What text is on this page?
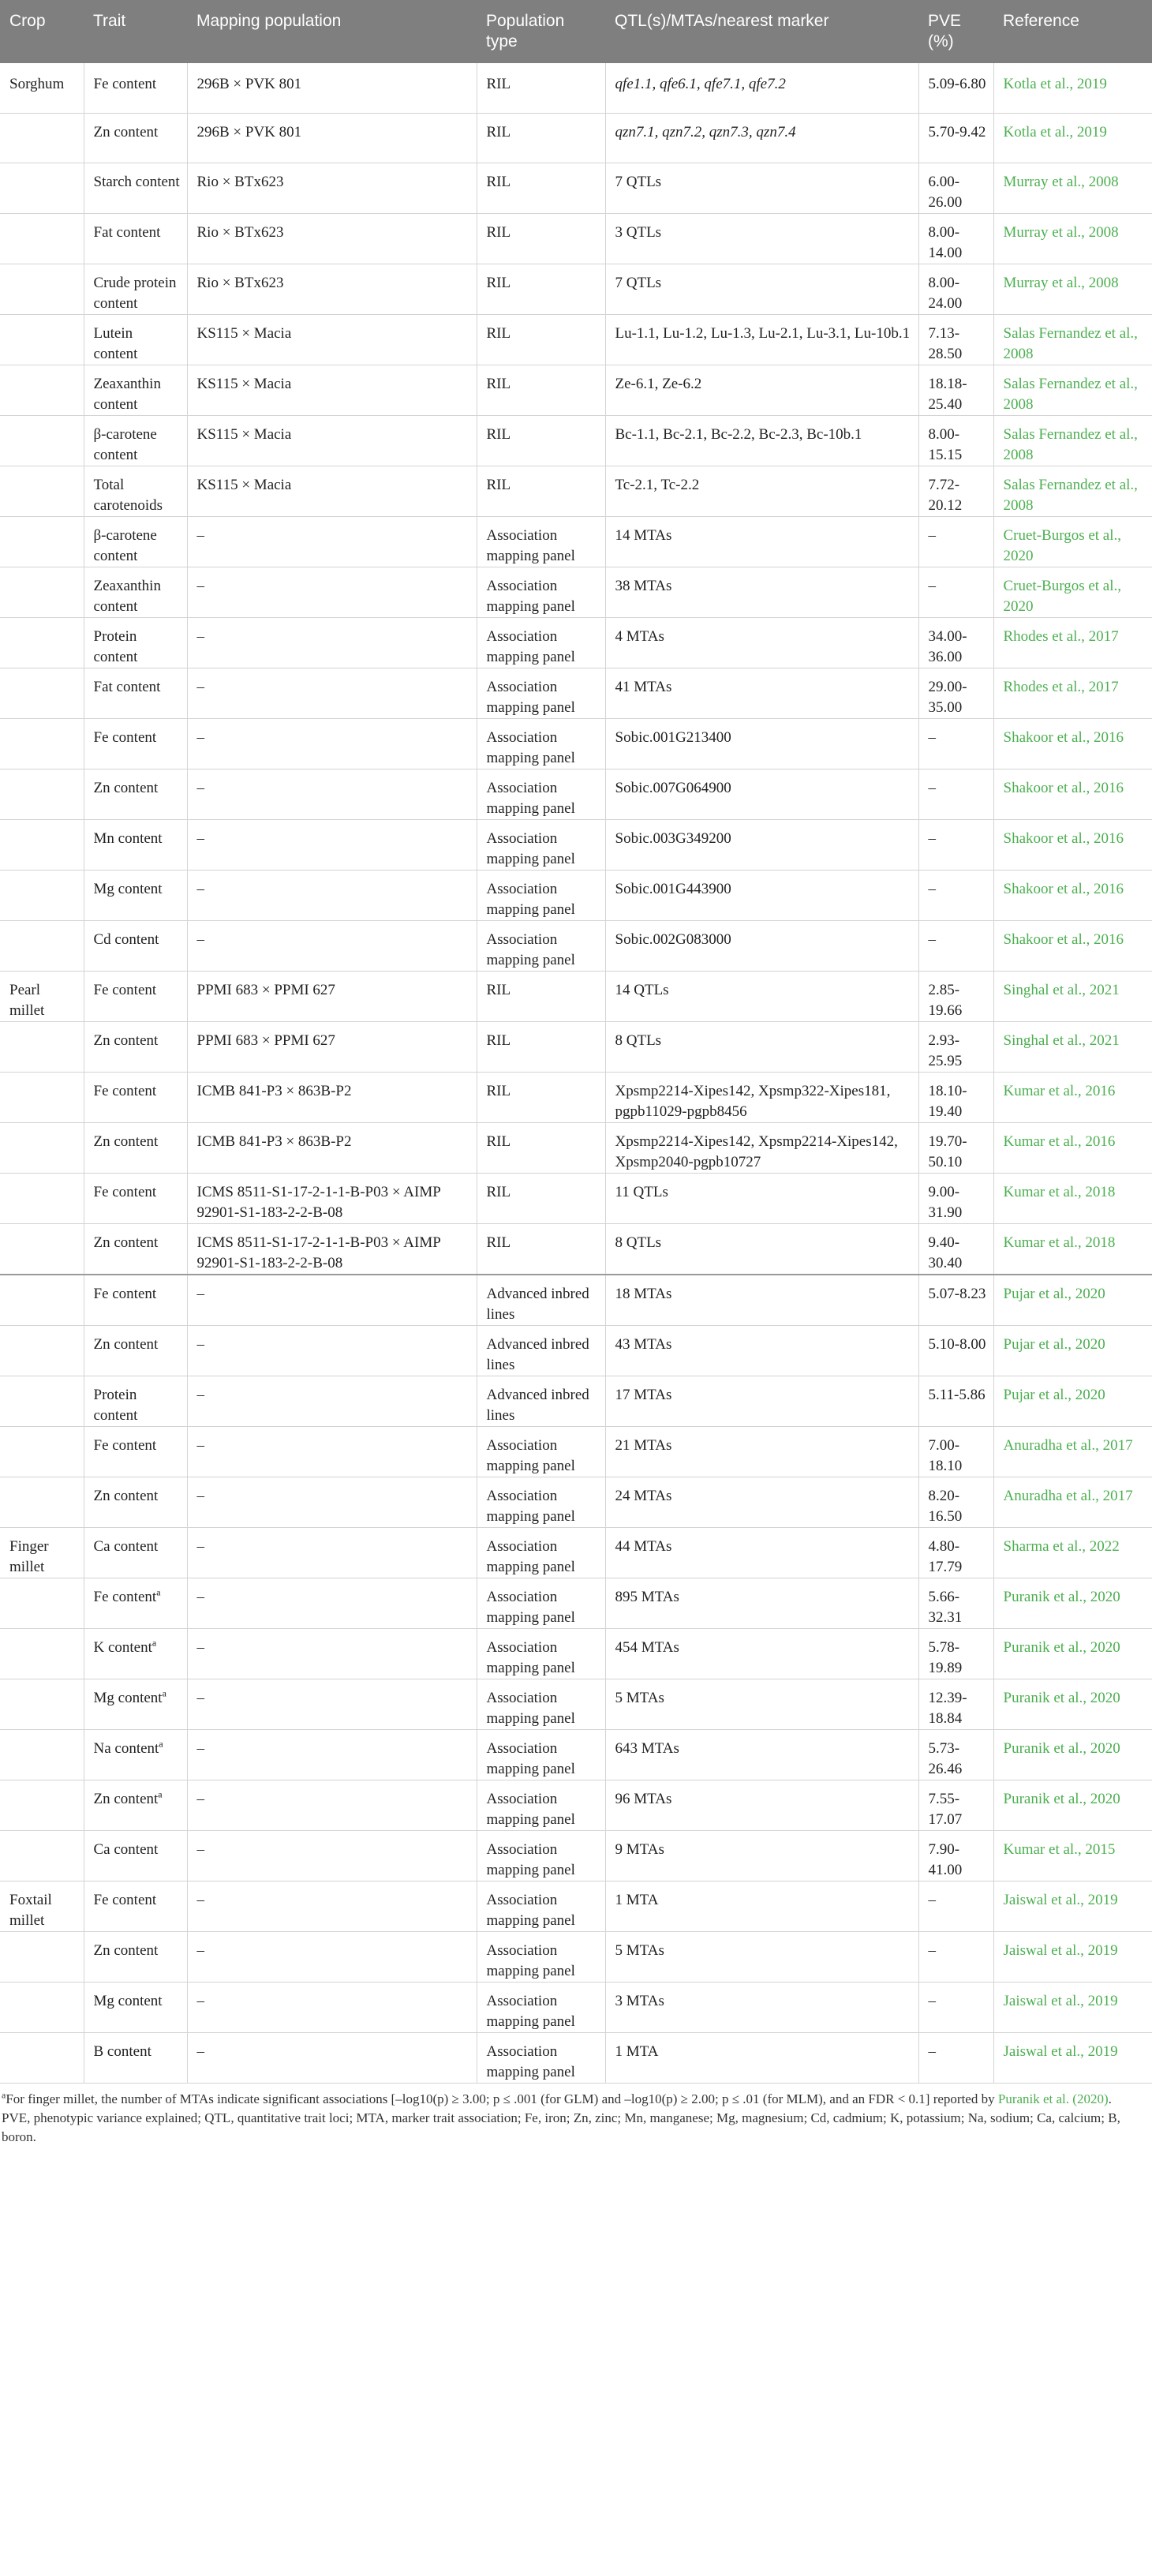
Crop	Trait	Mapping population	Population type	QTL(s)/MTAs/nearest marker	PVE (%)	Reference
Sorghum	Fe content	296B × PVK 801	RIL	qfe1.1, qfe6.1, qfe7.1, qfe7.2	5.09-6.80	Kotla et al., 2019
	Zn content	296B × PVK 801	RIL	qzn7.1, qzn7.2, qzn7.3, qzn7.4	5.70-9.42	Kotla et al., 2019
	Starch content	Rio × BTx623	RIL	7 QTLs	6.00-26.00	Murray et al., 2008
	Fat content	Rio × BTx623	RIL	3 QTLs	8.00-14.00	Murray et al., 2008
	Crude protein content	Rio × BTx623	RIL	7 QTLs	8.00-24.00	Murray et al., 2008
	Lutein content	KS115 × Macia	RIL	Lu-1.1, Lu-1.2, Lu-1.3, Lu-2.1, Lu-3.1, Lu-10b.1	7.13-28.50	Salas Fernandez et al., 2008
	Zeaxanthin content	KS115 × Macia	RIL	Ze-6.1, Ze-6.2	18.18-25.40	Salas Fernandez et al., 2008
	β-carotene content	KS115 × Macia	RIL	Bc-1.1, Bc-2.1, Bc-2.2, Bc-2.3, Bc-10b.1	8.00-15.15	Salas Fernandez et al., 2008
	Total carotenoids	KS115 × Macia	RIL	Tc-2.1, Tc-2.2	7.72-20.12	Salas Fernandez et al., 2008
	β-carotene content	–	Association mapping panel	14 MTAs	–	Cruet-Burgos et al., 2020
	Zeaxanthin content	–	Association mapping panel	38 MTAs	–	Cruet-Burgos et al., 2020
	Protein content	–	Association mapping panel	4 MTAs	34.00-36.00	Rhodes et al., 2017
	Fat content	–	Association mapping panel	41 MTAs	29.00-35.00	Rhodes et al., 2017
	Fe content	–	Association mapping panel	Sobic.001G213400	–	Shakoor et al., 2016
	Zn content	–	Association mapping panel	Sobic.007G064900	–	Shakoor et al., 2016
	Mn content	–	Association mapping panel	Sobic.003G349200	–	Shakoor et al., 2016
	Mg content	–	Association mapping panel	Sobic.001G443900	–	Shakoor et al., 2016
	Cd content	–	Association mapping panel	Sobic.002G083000	–	Shakoor et al., 2016
Pearl millet	Fe content	PPMI 683 × PPMI 627	RIL	14 QTLs	2.85-19.66	Singhal et al., 2021
	Zn content	PPMI 683 × PPMI 627	RIL	8 QTLs	2.93-25.95	Singhal et al., 2021
	Fe content	ICMB 841-P3 × 863B-P2	RIL	Xpsmp2214-Xipes142, Xpsmp322-Xipes181, pgpb11029-pgpb8456	18.10-19.40	Kumar et al., 2016
	Zn content	ICMB 841-P3 × 863B-P2	RIL	Xpsmp2214-Xipes142, Xpsmp2214-Xipes142, Xpsmp2040-pgpb10727	19.70-50.10	Kumar et al., 2016
	Fe content	ICMS 8511-S1-17-2-1-1-B-P03 × AIMP 92901-S1-183-2-2-B-08	RIL	11 QTLs	9.00-31.90	Kumar et al., 2018
	Zn content	ICMS 8511-S1-17-2-1-1-B-P03 × AIMP 92901-S1-183-2-2-B-08	RIL	8 QTLs	9.40-30.40	Kumar et al., 2018
	Fe content	–	Advanced inbred lines	18 MTAs	5.07-8.23	Pujar et al., 2020
	Zn content	–	Advanced inbred lines	43 MTAs	5.10-8.00	Pujar et al., 2020
	Protein content	–	Advanced inbred lines	17 MTAs	5.11-5.86	Pujar et al., 2020
	Fe content	–	Association mapping panel	21 MTAs	7.00-18.10	Anuradha et al., 2017
	Zn content	–	Association mapping panel	24 MTAs	8.20-16.50	Anuradha et al., 2017
Finger millet	Ca content	–	Association mapping panel	44 MTAs	4.80-17.79	Sharma et al., 2022
	Fe content$^a$	–	Association mapping panel	895 MTAs	5.66-32.31	Puranik et al., 2020
	K content$^a$	–	Association mapping panel	454 MTAs	5.78-19.89	Puranik et al., 2020
	Mg content$^a$	–	Association mapping panel	5 MTAs	12.39-18.84	Puranik et al., 2020
	Na content$^a$	–	Association mapping panel	643 MTAs	5.73-26.46	Puranik et al., 2020
	Zn content$^a$	–	Association mapping panel	96 MTAs	7.55-17.07	Puranik et al., 2020
	Ca content	–	Association mapping panel	9 MTAs	7.90-41.00	Kumar et al., 2015
Foxtail millet	Fe content	–	Association mapping panel	1 MTA	–	Jaiswal et al., 2019
	Zn content	–	Association mapping panel	5 MTAs	–	Jaiswal et al., 2019
	Mg content	–	Association mapping panel	3 MTAs	–	Jaiswal et al., 2019
	B content	–	Association mapping panel	1 MTA	–	Jaiswal et al., 2019

$^a$For finger millet, the number of MTAs indicate significant associations [–log10(p) ≥ 3.00; p ≤ .001 (for GLM) and –log10(p) ≥ 2.00; p ≤ .01 (for MLM), and an FDR < 0.1] reported by Puranik et al. (2020).

PVE, phenotypic variance explained; QTL, quantitative trait loci; MTA, marker trait association; Fe, iron; Zn, zinc; Mn, manganese; Mg, magnesium; Cd, cadmium; K, potassium; Na, sodium; Ca, calcium; B, boron.
